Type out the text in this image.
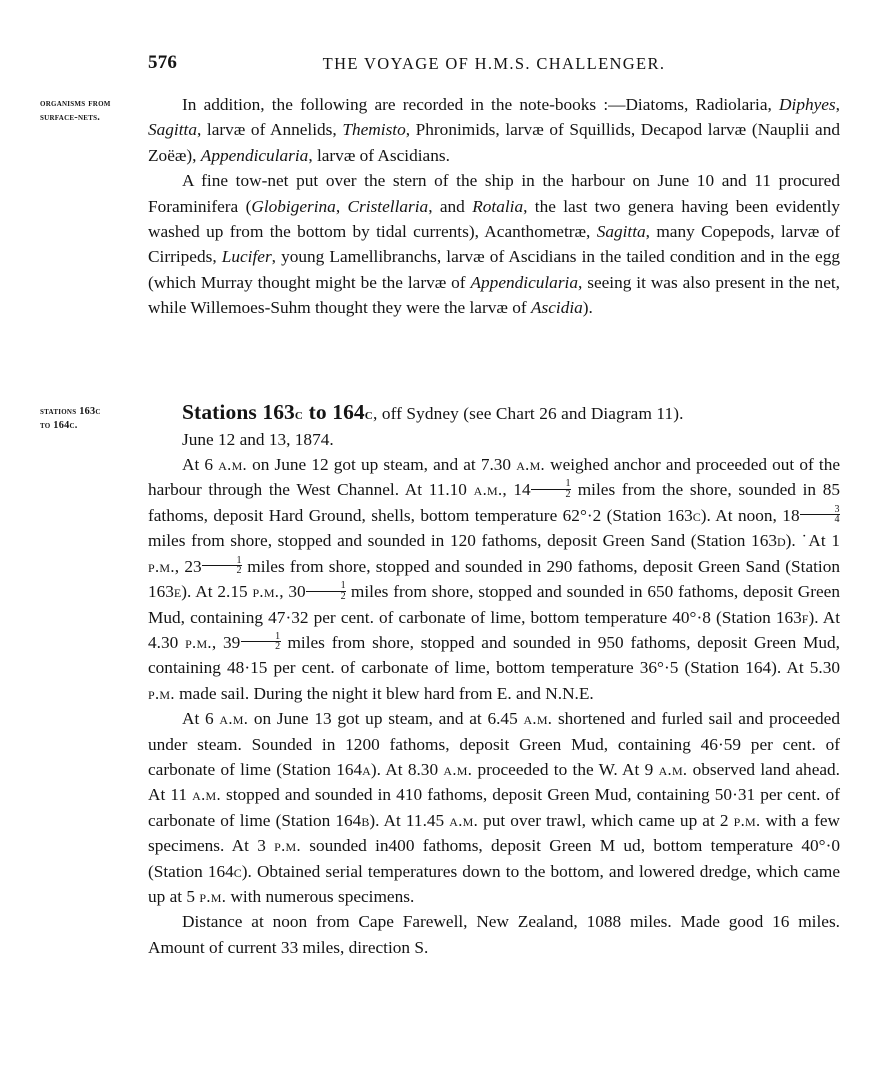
576	THE VOYAGE OF H.M.S. CHALLENGER.
organisms from
surface-nets.
stations 163c
to 164c.

In addition, the following are recorded in the note-books :—Diatoms, Radiolaria, Diphyes, Sagitta, larvæ of Annelids, Themisto, Phronimids, larvæ of Squillids, Decapod larvæ (Nauplii and Zoëæ), Appendicularia, larvæ of Ascidians.

A fine tow-net put over the stern of the ship in the harbour on June 10 and 11 procured Foraminifera (Globigerina, Cristellaria, and Rotalia, the last two genera having been evidently washed up from the bottom by tidal currents), Acanthometræ, Sagitta, many Copepods, larvæ of Cirripeds, Lucifer, young Lamellibranchs, larvæ of Ascidians in the tailed condition and in the egg (which Murray thought might be the larvæ of Appendicularia, seeing it was also present in the net, while Willemoes-Suhm thought they were the larvæ of Ascidia).

Stations 163c to 164c, off Sydney (see Chart 26 and Diagram 11).

June 12 and 13, 1874.

At 6 a.m. on June 12 got up steam, and at 7.30 a.m. weighed anchor and proceeded out of the harbour through the West Channel. At 11.10 a.m., $14 \frac{1}{2}$ miles from the shore, sounded in 85 fathoms, deposit Hard Ground, shells, bottom temperature 62 ° · 2 (Station 163c). At noon, $18 \frac{3}{4}$
miles from shore, stopped and sounded in 120 fathoms, deposit Green Sand (Station 163d). ˙At 1 p.m., $23 \frac{1}{2}$ miles from shore, stopped and sounded in 290 fathoms, deposit Green Sand (Station 163e). At 2.15 p.m., $30 \frac{1}{2}$ miles from shore, stopped and sounded in 650 fathoms, deposit Green Mud, containing 47 · 32 per cent. of carbonate of lime, bottom temperature 40 ° · 8 (Station 163f). At 4.30 p.m., $39 \frac{1}{2}$ miles from shore, stopped and sounded in 950 fathoms, deposit Green Mud, containing 48 · 15 per cent. of carbonate of lime, bottom temperature 36 ° · 5 (Station 164). At 5.30 p.m. made sail. During the night it blew hard from E. and N.N.E.

At 6 a.m. on June 13 got up steam, and at 6.45 a.m. shortened and furled sail and proceeded under steam. Sounded in 1200 fathoms, deposit Green Mud, containing 46 · 59 per cent. of carbonate of lime (Station 164a). At 8.30 a.m. proceeded to the W. At 9 a.m. observed land ahead. At 11 a.m. stopped and sounded in 410 fathoms, deposit Green Mud, containing 50 · 31 per cent. of carbonate of lime (Station 164b). At 11.45 a.m. put over trawl, which came up at 2 p.m. with a few specimens. At 3 p.m. sounded in400 fathoms, deposit Green M ud, bottom temperature 40 ° · 0 (Station 164c). Obtained serial temperatures down to the bottom, and lowered dredge, which came up at 5 p.m. with numerous specimens.

Distance at noon from Cape Farewell, New Zealand, 1088 miles. Made good 16 miles. Amount of current 33 miles, direction S.
